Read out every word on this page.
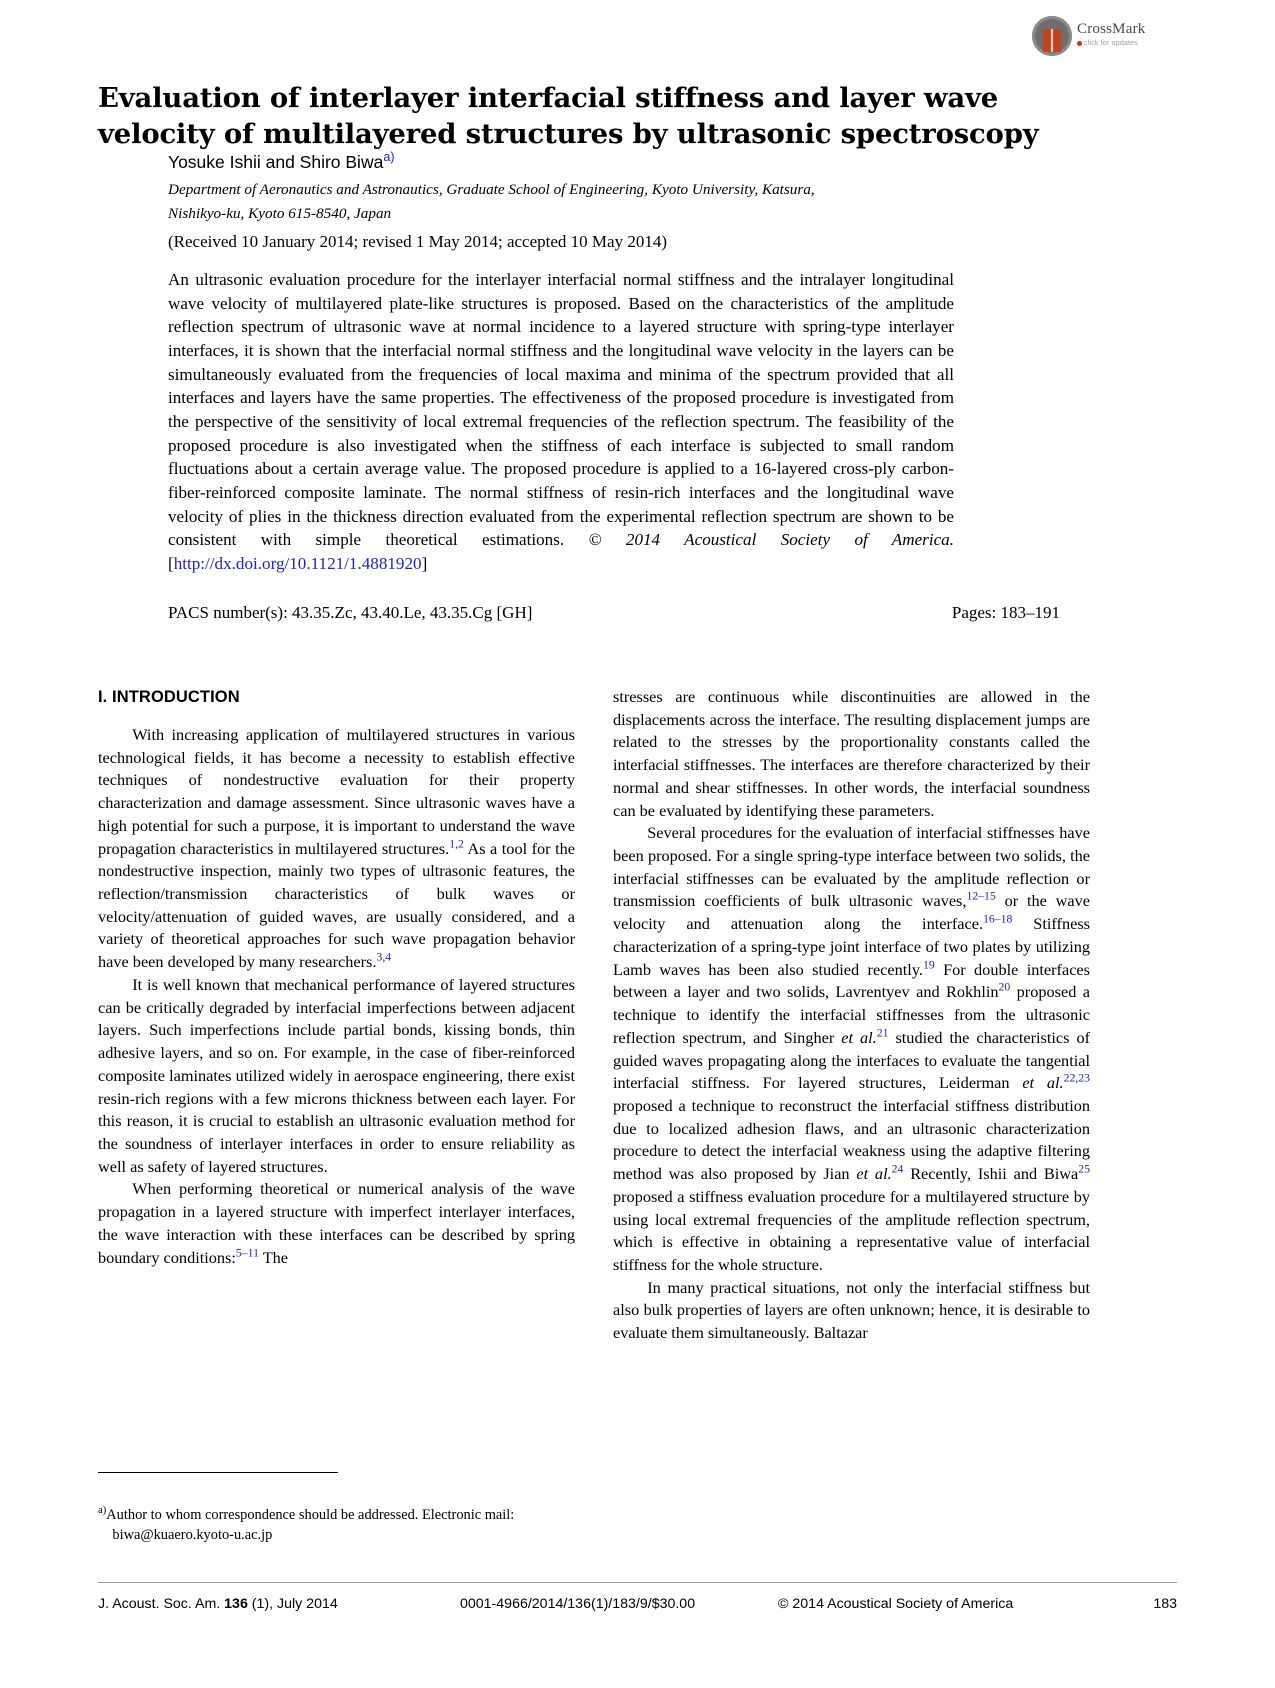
CrossMark
click for updates
Evaluation of interlayer interfacial stiffness and layer wave velocity of multilayered structures by ultrasonic spectroscopy
Yosuke Ishii and Shiro Biwa$^{a)}$
Department of Aeronautics and Astronautics, Graduate School of Engineering, Kyoto University, Katsura,
Nishikyo-ku, Kyoto 615-8540, Japan
(Received 10 January 2014; revised 1 May 2014; accepted 10 May 2014)
An ultrasonic evaluation procedure for the interlayer interfacial normal stiffness and the intralayer longitudinal wave velocity of multilayered plate-like structures is proposed. Based on the characteristics of the amplitude reflection spectrum of ultrasonic wave at normal incidence to a layered structure with spring-type interlayer interfaces, it is shown that the interfacial normal stiffness and the longitudinal wave velocity in the layers can be simultaneously evaluated from the frequencies of local maxima and minima of the spectrum provided that all interfaces and layers have the same properties. The effectiveness of the proposed procedure is investigated from the perspective of the sensitivity of local extremal frequencies of the reflection spectrum. The feasibility of the proposed procedure is also investigated when the stiffness of each interface is subjected to small random fluctuations about a certain average value. The proposed procedure is applied to a 16-layered cross-ply carbon-fiber-reinforced composite laminate. The normal stiffness of resin-rich interfaces and the longitudinal wave velocity of plies in the thickness direction evaluated from the experimental reflection spectrum are shown to be consistent with simple theoretical estimations. © 2014 Acoustical Society of America. [http://dx.doi.org/10.1121/1.4881920]
PACS number(s): 43.35.Zc, 43.40.Le, 43.35.Cg [GH]	Pages: 183–191
I. INTRODUCTION

With increasing application of multilayered structures in various technological fields, it has become a necessity to establish effective techniques of nondestructive evaluation for their property characterization and damage assessment. Since ultrasonic waves have a high potential for such a purpose, it is important to understand the wave propagation characteristics in multilayered structures.$^{1,2}$ As a tool for the nondestructive inspection, mainly two types of ultrasonic features, the reflection/transmission characteristics of bulk waves or velocity/attenuation of guided waves, are usually considered, and a variety of theoretical approaches for such wave propagation behavior have been developed by many researchers.$^{3,4}$

It is well known that mechanical performance of layered structures can be critically degraded by interfacial imperfections between adjacent layers. Such imperfections include partial bonds, kissing bonds, thin adhesive layers, and so on. For example, in the case of fiber-reinforced composite laminates utilized widely in aerospace engineering, there exist resin-rich regions with a few microns thickness between each layer. For this reason, it is crucial to establish an ultrasonic evaluation method for the soundness of interlayer interfaces in order to ensure reliability as well as safety of layered structures.

When performing theoretical or numerical analysis of the wave propagation in a layered structure with imperfect interlayer interfaces, the wave interaction with these interfaces can be described by spring boundary conditions:$^{5-11}$ The

stresses are continuous while discontinuities are allowed in the displacements across the interface. The resulting displacement jumps are related to the stresses by the proportionality constants called the interfacial stiffnesses. The interfaces are therefore characterized by their normal and shear stiffnesses. In other words, the interfacial soundness can be evaluated by identifying these parameters.

Several procedures for the evaluation of interfacial stiffnesses have been proposed. For a single spring-type interface between two solids, the interfacial stiffnesses can be evaluated by the amplitude reflection or transmission coefficients of bulk ultrasonic waves,$^{12-15}$ or the wave velocity and attenuation along the interface.$^{16-18}$ Stiffness characterization of a spring-type joint interface of two plates by utilizing Lamb waves has been also studied recently.$^{19}$ For double interfaces between a layer and two solids, Lavrentyev and Rokhlin$^{20}$ proposed a technique to identify the interfacial stiffnesses from the ultrasonic reflection spectrum, and Singher et al.$^{21}$ studied the characteristics of guided waves propagating along the interfaces to evaluate the tangential interfacial stiffness. For layered structures, Leiderman et al.$^{22,23}$ proposed a technique to reconstruct the interfacial stiffness distribution due to localized adhesion flaws, and an ultrasonic characterization procedure to detect the interfacial weakness using the adaptive filtering method was also proposed by Jian et al.$^{24}$ Recently, Ishii and Biwa$^{25}$ proposed a stiffness evaluation procedure for a multilayered structure by using local extremal frequencies of the amplitude reflection spectrum, which is effective in obtaining a representative value of interfacial stiffness for the whole structure.

In many practical situations, not only the interfacial stiffness but also bulk properties of layers are often unknown; hence, it is desirable to evaluate them simultaneously. Baltazar

$^{a)}$Author to whom correspondence should be addressed. Electronic mail:
biwa@kuaero.kyoto-u.ac.jp
J. Acoust. Soc. Am. 136 (1), July 2014	0001-4966/2014/136(1)/183/9/$30.00	© 2014 Acoustical Society of America	183
